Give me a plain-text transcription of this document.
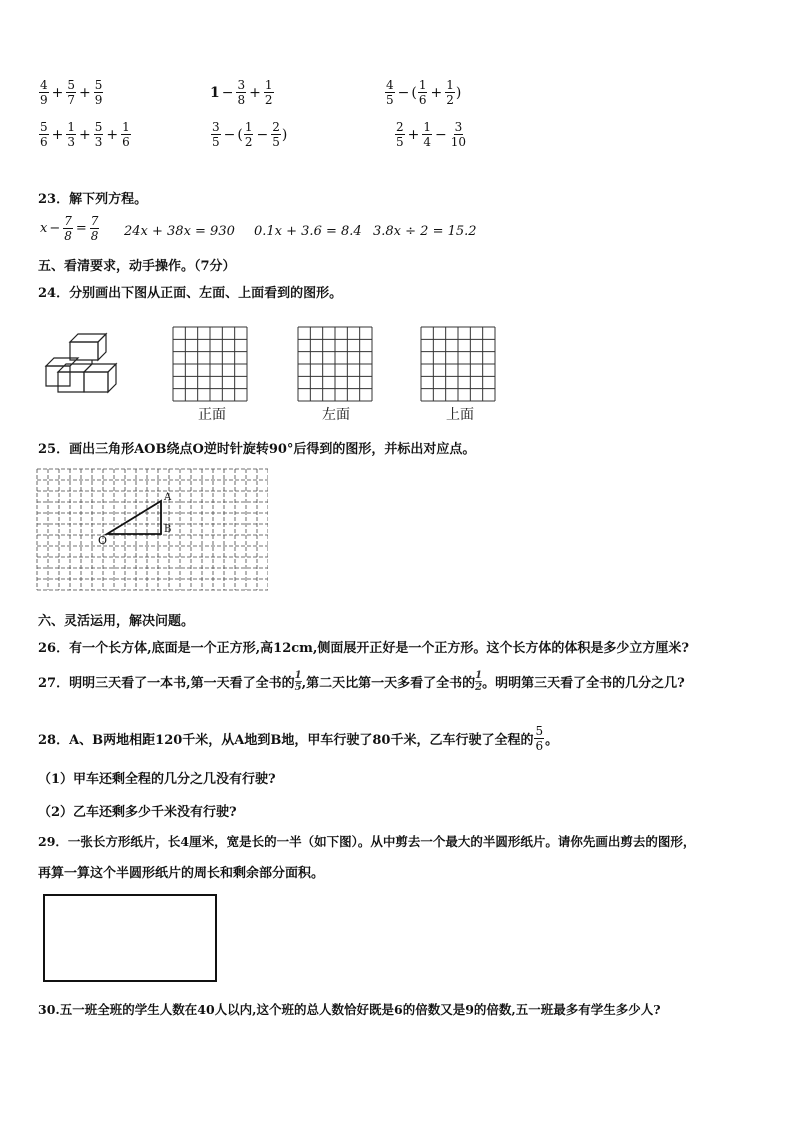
$\frac{4}{9} + \frac{5}{7} + \frac{5}{9}$	$1 - \frac{3}{8} + \frac{1}{2}$	$\frac{4}{5}$ − ( $\frac{1}{6} + \frac{1}{2}$ )
$\frac{5}{6} + \frac{1}{3} + \frac{5}{3} + \frac{1}{6}$	$\frac{3}{5}$ − ( $\frac{1}{2} - \frac{2}{5}$ )	$\frac{2}{5} + \frac{1}{4} - \frac{3}{10}$
23．解下列方程。
$x - \frac{7}{8} = \frac{7}{8} 24x + 38x = 930$ 0.1x + 3.6 = 8.4 3.8x ÷ 2 = 15.2
五、看清要求，动手操作。（7分）
24．分别画出下图从正面、左面、上面看到的图形。
正面	左面	上面
25．画出三角形AOB绕点O逆时针旋转90°后得到的图形，并标出对应点。
O
A
B
六、灵活运用，解决问题。
26．有一个长方体,底面是一个正方形,高12cm,侧面展开正好是一个正方形。这个长方体的体积是多少立方厘米?
27．明明三天看了一本书,第一天看了全书的
1
5 ,第二天比第一天多看了全书的
1
2 。明明第三天看了全书的几分之几?
28．A、B两地相距120千米，从A地到B地，甲车行驶了80千米，乙车行驶了全程的 $\frac{5}{6}$ 。
（1）甲车还剩全程的几分之几没有行驶?
（2）乙车还剩多少千米没有行驶?
29．一张长方形纸片，长4厘米，宽是长的一半（如下图）。从中剪去一个最大的半圆形纸片。请你先画出剪去的图形，
再算一算这个半圆形纸片的周长和剩余部分面积。
30.五一班全班的学生人数在40人以内,这个班的总人数恰好既是6的倍数又是9的倍数,五一班最多有学生多少人?
